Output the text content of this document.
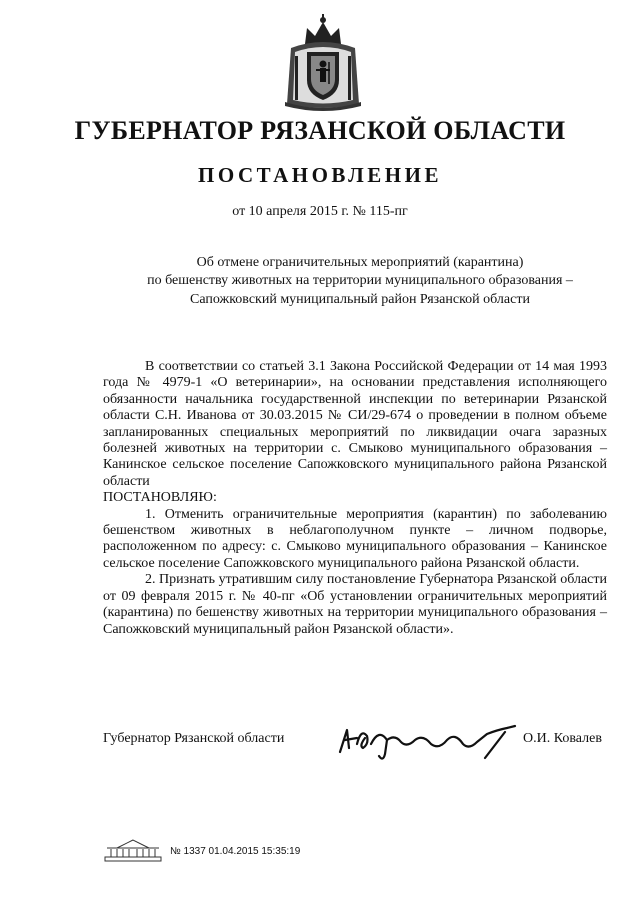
ГУБЕРНАТОР РЯЗАНСКОЙ ОБЛАСТИ
ПОСТАНОВЛЕНИЕ
от 10 апреля 2015 г. № 115-пг
Об отмене ограничительных мероприятий (карантина)
по бешенству животных на территории муниципального образования –
Сапожковский муниципальный район Рязанской области

В соответствии со статьей 3.1 Закона Российской Федерации от 14 мая 1993 года № 4979-1 «О ветеринарии», на основании представления исполняющего обязанности начальника государственной инспекции по ветеринарии Рязанской области С.Н. Иванова от 30.03.2015 № СИ/29-674 о проведении в полном объеме запланированных специальных мероприятий по ликвидации очага заразных болезней животных на территории с. Смыково муниципального образования – Канинское сельское поселение Сапожковского муниципального района Рязанской области

ПОСТАНОВЛЯЮ:

1. Отменить ограничительные мероприятия (карантин) по заболеванию бешенством животных в неблагополучном пункте – личном подворье, расположенном по адресу: с. Смыково муниципального образования – Канинское сельское поселение Сапожковского муниципального района Рязанской области.

2. Признать утратившим силу постановление Губернатора Рязанской области от 09 февраля 2015 г. № 40-пг «Об установлении ограничительных мероприятий (карантина) по бешенству животных на территории муниципального образования – Сапожковский муниципальный район Рязанской области».

Губернатор Рязанской области	О.И. Ковалев
№ 1337 01.04.2015 15:35:19
